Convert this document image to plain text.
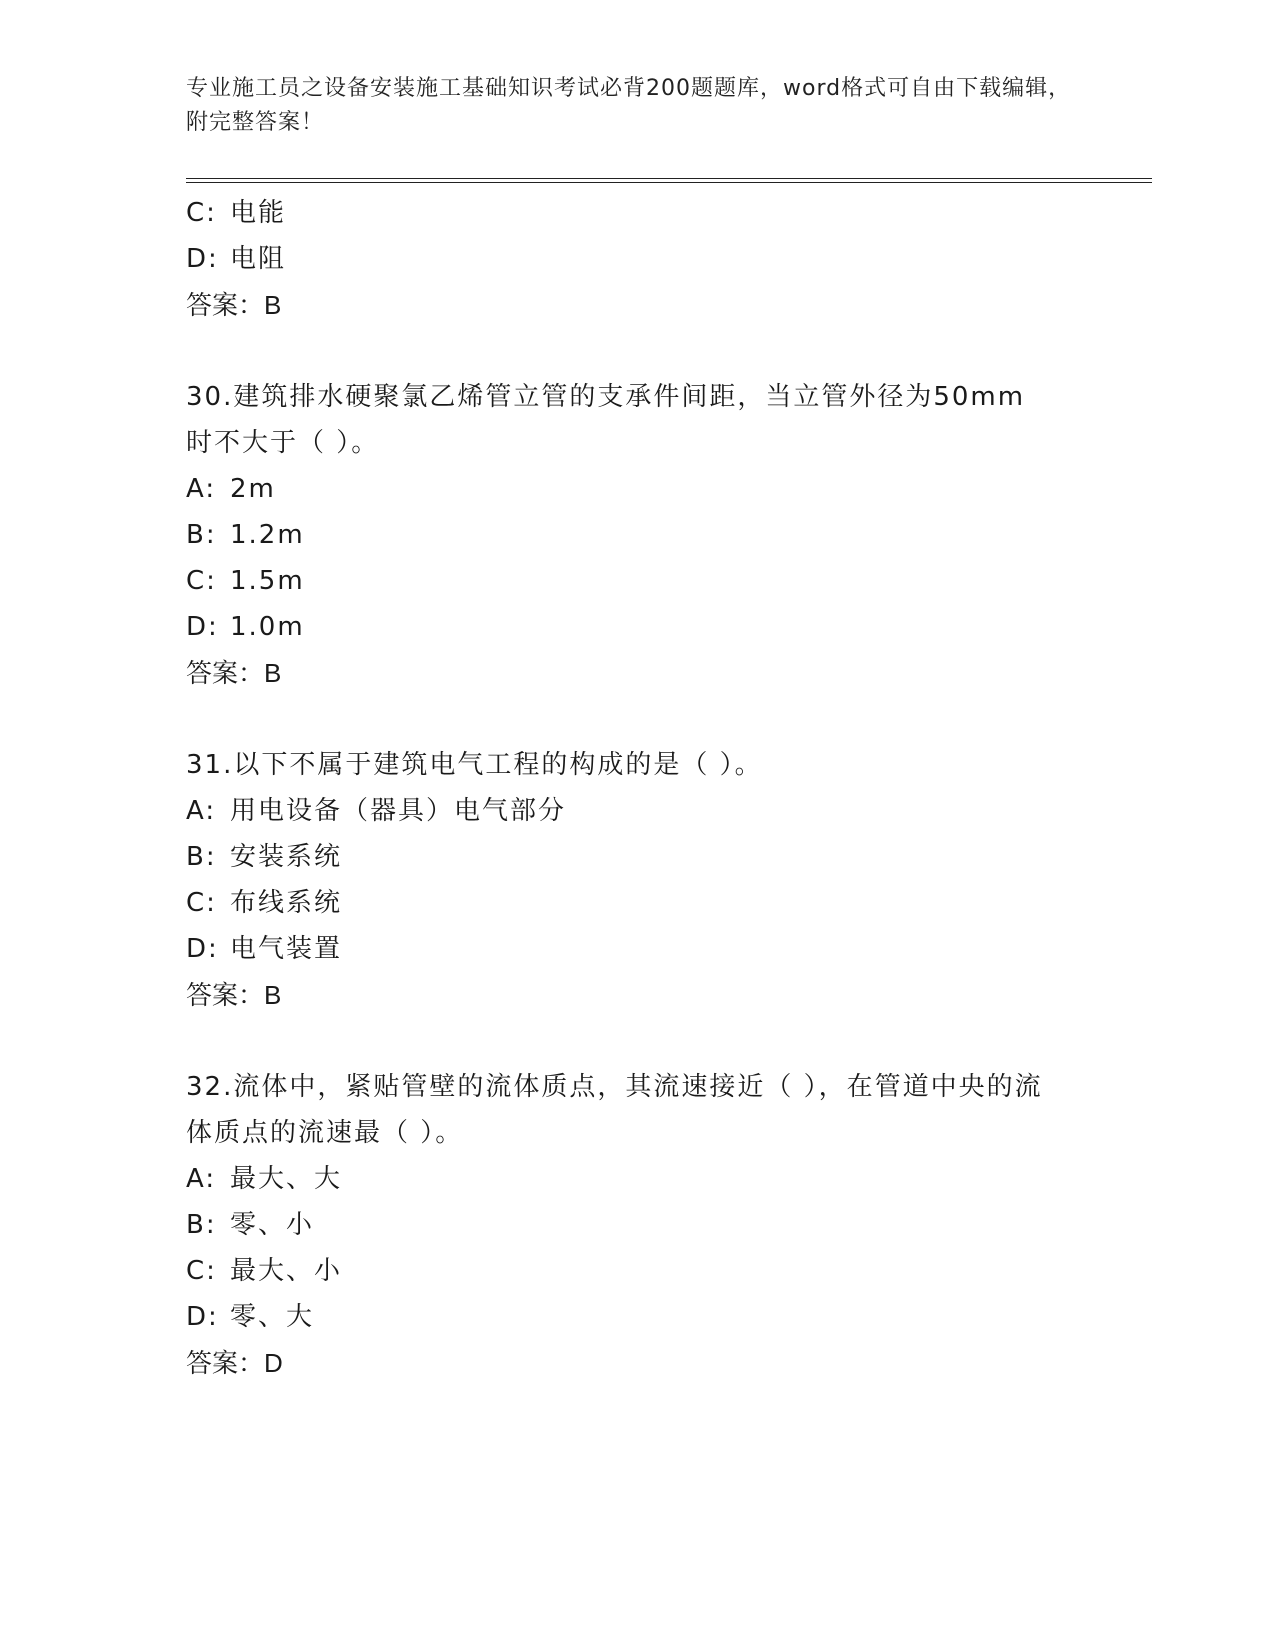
专业施工员之设备安装施工基础知识考试必背200题题库，word格式可自由下载编辑，附完整答案！
C: 电能
D: 电阻
答案：B
30.建筑排水硬聚氯乙烯管立管的支承件间距，当立管外径为50mm时不大于（ ）。
A: 2m
B: 1.2m
C: 1.5m
D: 1.0m
答案：B
31.以下不属于建筑电气工程的构成的是（ ）。
A: 用电设备（器具）电气部分
B: 安装系统
C: 布线系统
D: 电气装置
答案：B
32.流体中，紧贴管壁的流体质点，其流速接近（ ），在管道中央的流体质点的流速最（ ）。
A: 最大、大
B: 零、小
C: 最大、小
D: 零、大
答案：D
